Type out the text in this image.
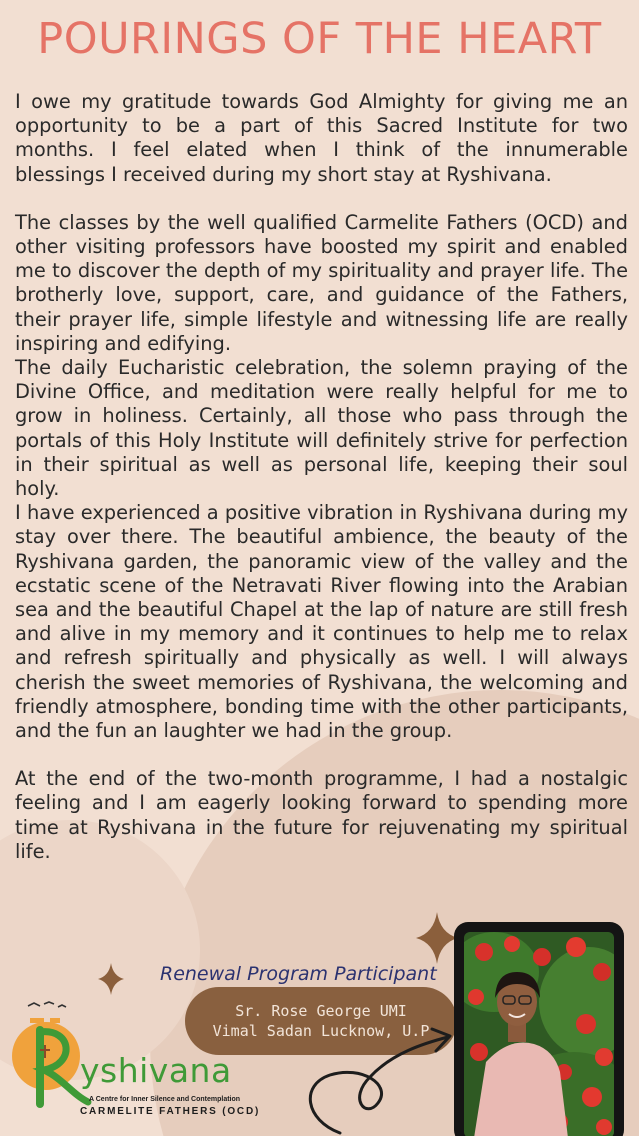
POURINGS OF THE HEART

I owe my gratitude towards God Almighty for giving me an opportunity to be a part of this Sacred Institute for two months. I feel elated when I think of the innumerable blessings I received during my short stay at Ryshivana.

The classes by the well qualified Carmelite Fathers (OCD) and other visiting professors have boosted my spirit and enabled me to discover the depth of my spirituality and prayer life. The brotherly love, support, care, and guidance of the Fathers, their prayer life, simple lifestyle and witnessing life are really inspiring and edifying.

The daily Eucharistic celebration, the solemn praying of the Divine Office, and meditation were really helpful for me to grow in holiness. Certainly, all those who pass through the portals of this Holy Institute will definitely strive for perfection in their spiritual as well as personal life, keeping their soul holy.

I have experienced a positive vibration in Ryshivana during my stay over there. The beautiful ambience, the beauty of the Ryshivana garden, the panoramic view of the valley and the ecstatic scene of the Netravati River flowing into the Arabian sea and the beautiful Chapel at the lap of nature are still fresh and alive in my memory and it continues to help me to relax and refresh spiritually and physically as well. I will always cherish the sweet memories of Ryshivana, the welcoming and friendly atmosphere, bonding time with the other participants, and the fun an laughter we had in the group.

At the end of the two-month programme, I had a nostalgic feeling and I am eagerly looking forward to spending more time at Ryshivana in the future for rejuvenating my spiritual life.

Renewal Program Participant
Sr. Rose George UMI
Vimal Sadan Lucknow, U.P
yshivana
A Centre for Inner Silence and Contemplation
CARMELITE FATHERS (OCD)
